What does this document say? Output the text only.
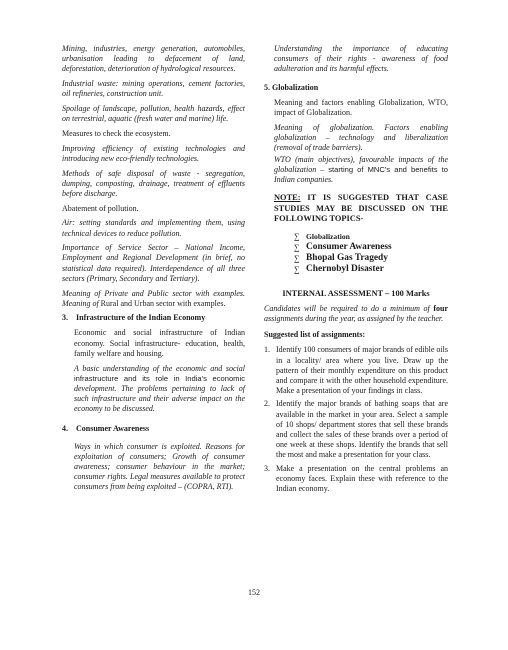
Mining, industries, energy generation, automobiles, urbanisation leading to defacement of land, deforestation, deterioration of hydrological resources.

Industrial waste: mining operations, cement factories, oil refineries, construction unit.

Spoilage of landscape, pollution, health hazards, effect on terrestrial, aquatic (fresh water and marine) life.

Measures to check the ecosystem.

Improving efficiency of existing technologies and introducing new eco-friendly technologies.

Methods of safe disposal of waste - segregation, dumping, composting, drainage, treatment of effluents before discharge.

Abatement of pollution.

Air: setting standards and implementing them, using technical devices to reduce pollution.

Importance of Service Sector – National Income, Employment and Regional Development (in brief, no statistical data required). Interdependence of all three sectors (Primary, Secondary and Tertiary).

Meaning of Private and Public sector with examples. Meaning of Rural and Urban sector with examples.

3.	Infrastructure of the Indian Economy

Economic and social infrastructure of Indian economy. Social infrastructure- education, health, family welfare and housing.

A basic understanding of the economic and social infrastructure and its role in India's economic development. The problems pertaining to lack of such infrastructure and their adverse impact on the economy to be discussed.

4.	Consumer Awareness

Ways in which consumer is exploited. Reasons for exploitation of consumers; Growth of consumer awareness; consumer behaviour in the market; consumer rights. Legal measures available to protect consumers from being exploited – (COPRA, RTI).

Understanding the importance of educating consumers of their rights - awareness of food adulteration and its harmful effects.

5. Globalization

Meaning and factors enabling Globalization, WTO, impact of Globalization.

Meaning of globalization. Factors enabling globalization – technology and liberalization (removal of trade barriers).

WTO (main objectives), favourable impacts of the globalization – starting of MNC's and benefits to Indian companies.

NOTE: IT IS SUGGESTED THAT CASE STUDIES MAY BE DISCUSSED ON THE FOLLOWING TOPICS-
∑ Globalization
∑ Consumer Awareness
∑ Bhopal Gas Tragedy
∑ Chernobyl Disaster
INTERNAL ASSESSMENT – 100 Marks

Candidates will be required to do a minimum of four assignments during the year, as assigned by the teacher.

Suggested list of assignments:
1. Identify 100 consumers of major brands of edible oils in a locality/ area where you live. Draw up the pattern of their monthly expenditure on this product and compare it with the other household expenditure. Make a presentation of your findings in class.
2. Identify the major brands of bathing soaps that are available in the market in your area. Select a sample of 10 shops/ department stores that sell these brands and collect the sales of these brands over a period of one week at these shops. Identify the brands that sell the most and make a presentation for your class.
3. Make a presentation on the central problems an economy faces. Explain these with reference to the Indian economy.
152
